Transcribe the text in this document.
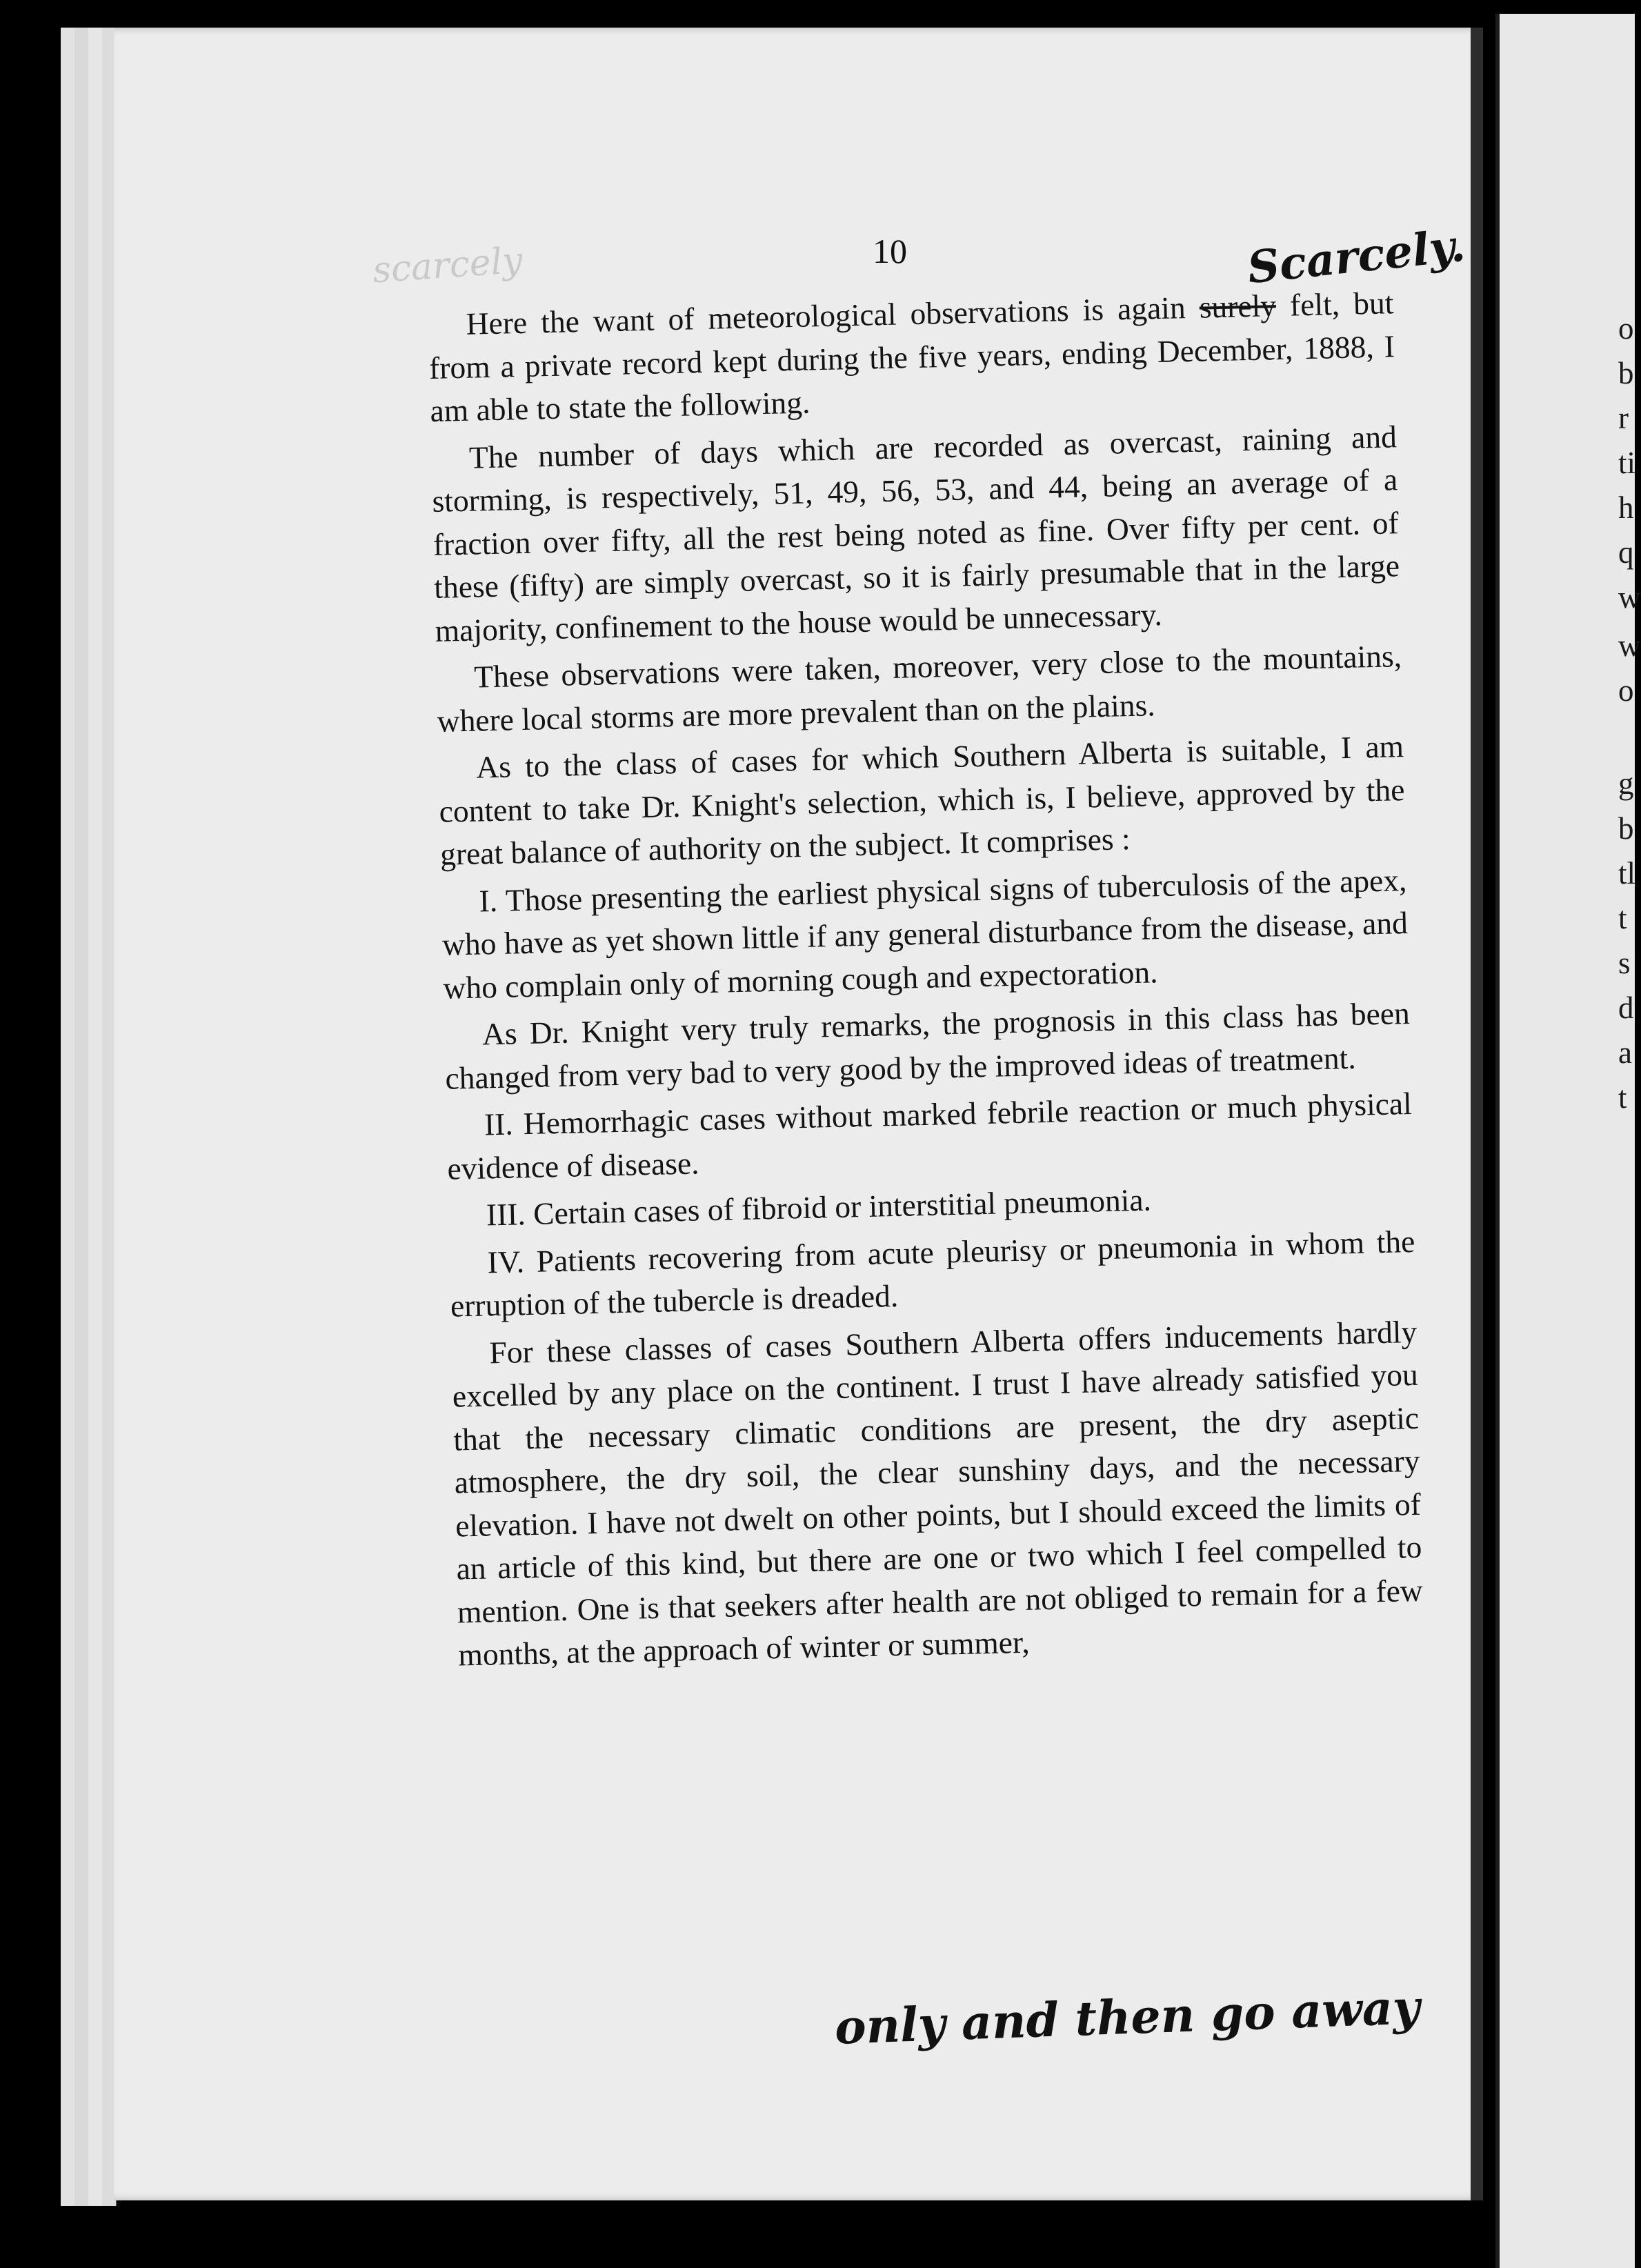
scarcely	10	Scarcely.

Here the want of meteorological observations is again surely felt, but from a private record kept during the five years, ending December, 1888, I am able to state the following.

The number of days which are recorded as overcast, raining and storming, is respectively, 51, 49, 56, 53, and 44, being an average of a fraction over fifty, all the rest being noted as fine. Over fifty per cent. of these (fifty) are simply overcast, so it is fairly presumable that in the large majority, confinement to the house would be unnecessary.

These observations were taken, moreover, very close to the mountains, where local storms are more prevalent than on the plains.

As to the class of cases for which Southern Alberta is suitable, I am content to take Dr. Knight's selection, which is, I believe, approved by the great balance of authority on the subject. It comprises :

I. Those presenting the earliest physical signs of tuberculosis of the apex, who have as yet shown little if any general disturbance from the disease, and who complain only of morning cough and expectoration.

As Dr. Knight very truly remarks, the prognosis in this class has been changed from very bad to very good by the improved ideas of treatment.

II. Hemorrhagic cases without marked febrile reaction or much physical evidence of disease.

III. Certain cases of fibroid or interstitial pneumonia.

IV. Patients recovering from acute pleurisy or pneumonia in whom the erruption of the tubercle is dreaded.

For these classes of cases Southern Alberta offers inducements hardly excelled by any place on the continent. I trust I have already satisfied you that the necessary climatic conditions are present, the dry aseptic atmosphere, the dry soil, the clear sunshiny days, and the necessary elevation. I have not dwelt on other points, but I should exceed the limits of an article of this kind, but there are one or two which I feel compelled to mention. One is that seekers after health are not obliged to remain for a few months, at the approach of winter or summer,

only and then go away
o
b
r
ti
h
q
w
w
o
g
b
tl
t
s
d
a
t
